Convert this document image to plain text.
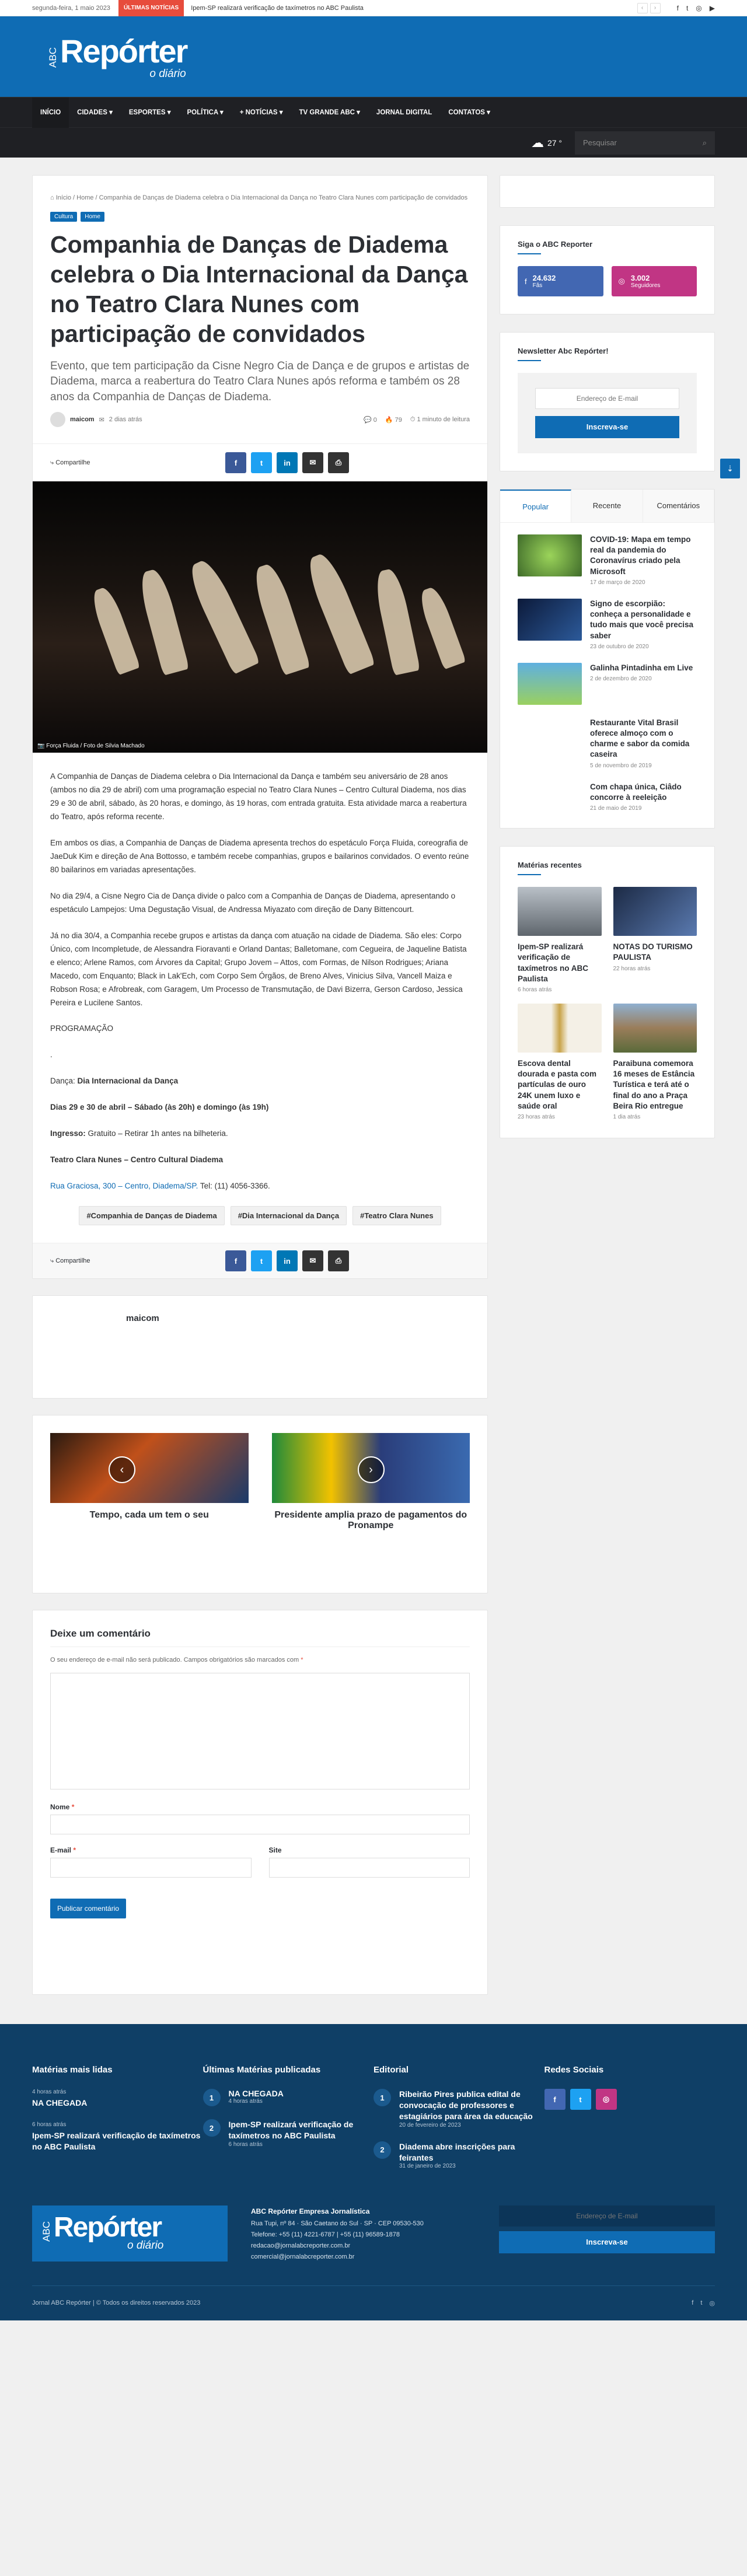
segunda-feira, 1 maio 2023	ÚLTIMAS NOTÍCIAS	Ipem-SP realizará verificação de taxímetros no ABC Paulista	‹	›	f t ◎ ▶
ABC Repórter
o diário
INÍCIO	CIDADES ▾	ESPORTES ▾	POLÍTICA ▾	+ NOTÍCIAS ▾	TV GRANDE ABC ▾	JORNAL DIGITAL	CONTATOS ▾
☁ 27 °	Pesquisar	⌕
⌂ Início / Home / Companhia de Danças de Diadema celebra o Dia Internacional da Dança no Teatro Clara Nunes com participação de convidados
Cultura	Home
Companhia de Danças de Diadema celebra o Dia Internacional da Dança no Teatro Clara Nunes com participação de convidados

Evento, que tem participação da Cisne Negro Cia de Dança e de grupos e artistas de Diadema, marca a reabertura do Teatro Clara Nunes após reforma e também os 28 anos da Companhia de Danças de Diadema.

maicom ✉ 2 dias atrás	💬 0 🔥 79 ⏱ 1 minuto de leitura
⤷ Compartilhe	f	t	in	✉	⎙
📷 Força Fluida / Foto de Silvia Machado

A Companhia de Danças de Diadema celebra o Dia Internacional da Dança e também seu aniversário de 28 anos (ambos no dia 29 de abril) com uma programação especial no Teatro Clara Nunes – Centro Cultural Diadema, nos dias 29 e 30 de abril, sábado, às 20 horas, e domingo, às 19 horas, com entrada gratuita. Esta atividade marca a reabertura do Teatro, após reforma recente.

Em ambos os dias, a Companhia de Danças de Diadema apresenta trechos do espetáculo Força Fluida, coreografia de JaeDuk Kim e direção de Ana Bottosso, e também recebe companhias, grupos e bailarinos convidados. O evento reúne 80 bailarinos em variadas apresentações.

No dia 29/4, a Cisne Negro Cia de Dança divide o palco com a Companhia de Danças de Diadema, apresentando o espetáculo Lampejos: Uma Degustação Visual, de Andressa Miyazato com direção de Dany Bittencourt.

Já no dia 30/4, a Companhia recebe grupos e artistas da dança com atuação na cidade de Diadema. São eles: Corpo Único, com Incompletude, de Alessandra Fioravanti e Orland Dantas; Balletomane, com Cegueira, de Jaqueline Batista e elenco; Arlene Ramos, com Árvores da Capital; Grupo Jovem – Attos, com Formas, de Nilson Rodrigues; Ariana Macedo, com Enquanto; Black in Lak'Ech, com Corpo Sem Órgãos, de Breno Alves, Vinicius Silva, Vancell Maiza e Robson Rosa; e Afrobreak, com Garagem, Um Processo de Transmutação, de Davi Bizerra, Gerson Cardoso, Jessica Pereira e Lucilene Santos.

PROGRAMAÇÃO

.

Dança: Dia Internacional da Dança

Dias 29 e 30 de abril – Sábado (às 20h) e domingo (às 19h)

Ingresso: Gratuito – Retirar 1h antes na bilheteria.

Teatro Clara Nunes – Centro Cultural Diadema

Rua Graciosa, 300 – Centro, Diadema/SP. Tel: (11) 4056-3366.

#Companhia de Danças de Diadema	#Dia Internacional da Dança	#Teatro Clara Nunes
⤷ Compartilhe	f	t	in	✉	⎙
maicom
‹
Tempo, cada um tem o seu
›
Presidente amplia prazo de pagamentos do Pronampe
Deixe um comentário

O seu endereço de e-mail não será publicado. Campos obrigatórios são marcados com *

Nome *
E-mail *	Site
Publicar comentário
Siga o ABC Reporter
f 24.632
Fãs
◎ 3.002
Seguidores
Newsletter Abc Repórter!
Endereço de E-mail
Inscreva-se
Popular	Recente	Comentários
COVID-19: Mapa em tempo real da pandemia do Coronavírus criado pela Microsoft
17 de março de 2020
Signo de escorpião: conheça a personalidade e tudo mais que você precisa saber
23 de outubro de 2020
Galinha Pintadinha em Live
2 de dezembro de 2020
Restaurante Vital Brasil oferece almoço com o charme e sabor da comida caseira
5 de novembro de 2019
Com chapa única, Ciâdo concorre à reeleição
21 de maio de 2019
Matérias recentes
Ipem-SP realizará verificação de taxímetros no ABC Paulista
6 horas atrás
NOTAS DO TURISMO PAULISTA
22 horas atrás
Escova dental dourada e pasta com partículas de ouro 24K unem luxo e saúde oral
23 horas atrás
Paraibuna comemora 16 meses de Estância Turística e terá até o final do ano a Praça Beira Rio entregue
1 dia atrás
⇣
Matérias mais lidas
4 horas atrás
NA CHEGADA
6 horas atrás
Ipem-SP realizará verificação de taxímetros no ABC Paulista
Últimas Matérias publicadas
1	NA CHEGADA
4 horas atrás
2	Ipem-SP realizará verificação de taxímetros no ABC Paulista
6 horas atrás
Editorial
1	Ribeirão Pires publica edital de convocação de professores e estagiários para área da educação
20 de fevereiro de 2023
2	Diadema abre inscrições para feirantes
31 de janeiro de 2023
Redes Sociais
f	t	◎
ABC Repórter
o diário
ABC Repórter Empresa Jornalística
Rua Tupi, nº 84 · São Caetano do Sul · SP · CEP 09530-530
Telefone: +55 (11) 4221-6787 | +55 (11) 96589-1878
redacao@jornalabcreporter.com.br
comercial@jornalabcreporter.com.br
Endereço de E-mail
Inscreva-se
Jornal ABC Repórter | © Todos os direitos reservados 2023	f t ◎
